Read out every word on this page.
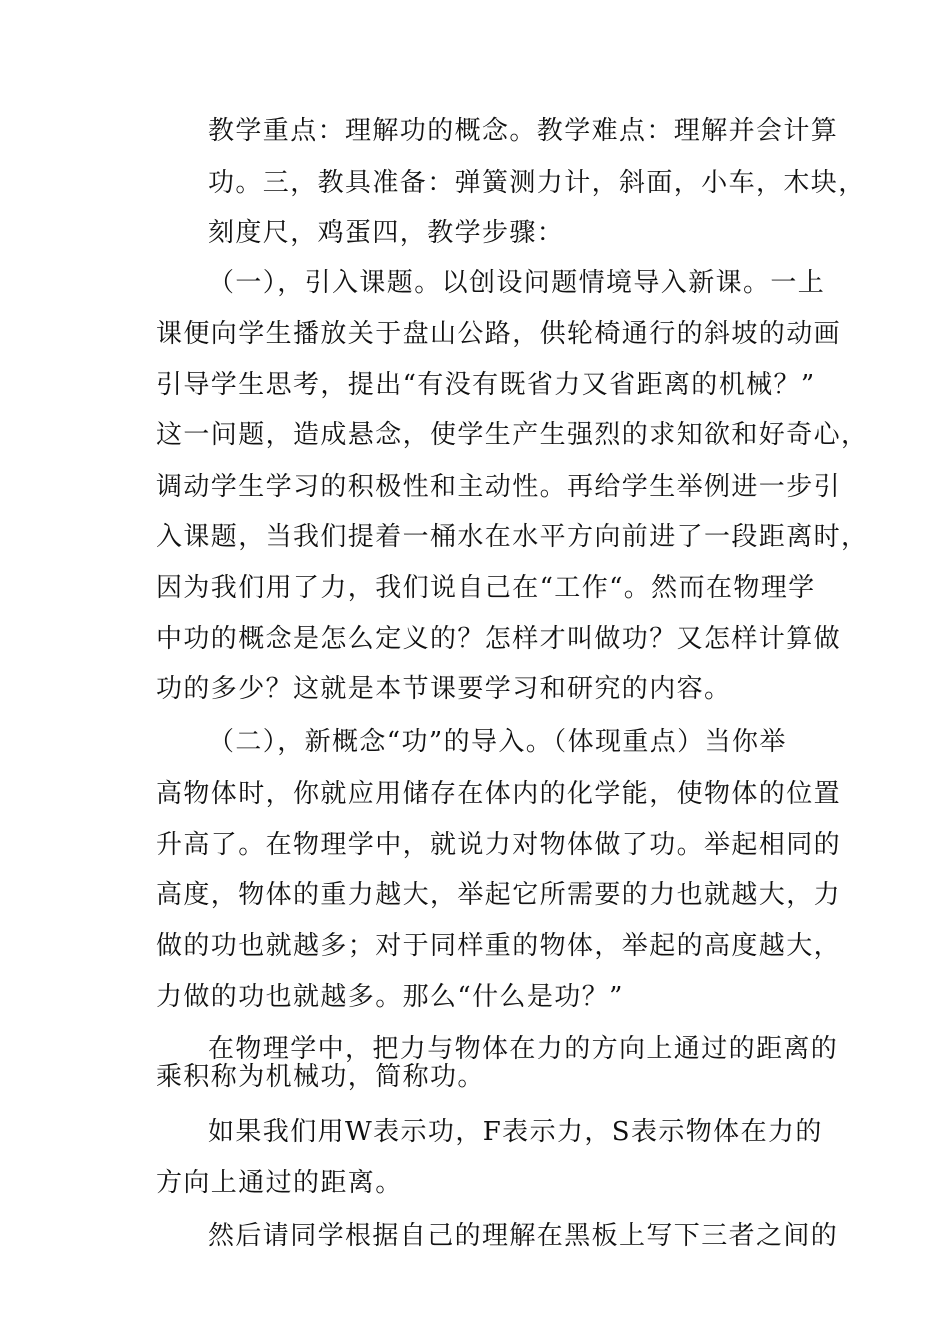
教学重点：理解功的概念。教学难点：理解并会计算
功。三，教具准备：弹簧测力计，斜面，小车，木块，
刻度尺，鸡蛋四，教学步骤：
（一），引入课题。以创设问题情境导入新课。一上
课便向学生播放关于盘山公路，供轮椅通行的斜坡的动画
引导学生思考，提出“有没有既省力又省距离的机械？”
这一问题，造成悬念，使学生产生强烈的求知欲和好奇心，
调动学生学习的积极性和主动性。再给学生举例进一步引
入课题，当我们提着一桶水在水平方向前进了一段距离时，
因为我们用了力，我们说自己在“工作“。然而在物理学
中功的概念是怎么定义的？怎样才叫做功？又怎样计算做
功的多少？这就是本节课要学习和研究的内容。
（二），新概念“功”的导入。（体现重点）当你举
高物体时，你就应用储存在体内的化学能，使物体的位置
升高了。在物理学中，就说力对物体做了功。举起相同的
高度，物体的重力越大，举起它所需要的力也就越大，力
做的功也就越多；对于同样重的物体，举起的高度越大，
力做的功也就越多。那么“什么是功？”
在物理学中，把力与物体在力的方向上通过的距离的
乘积称为机械功，简称功。
如果我们用W表示功，F表示力，S表示物体在力的
方向上通过的距离。
然后请同学根据自己的理解在黑板上写下三者之间的
